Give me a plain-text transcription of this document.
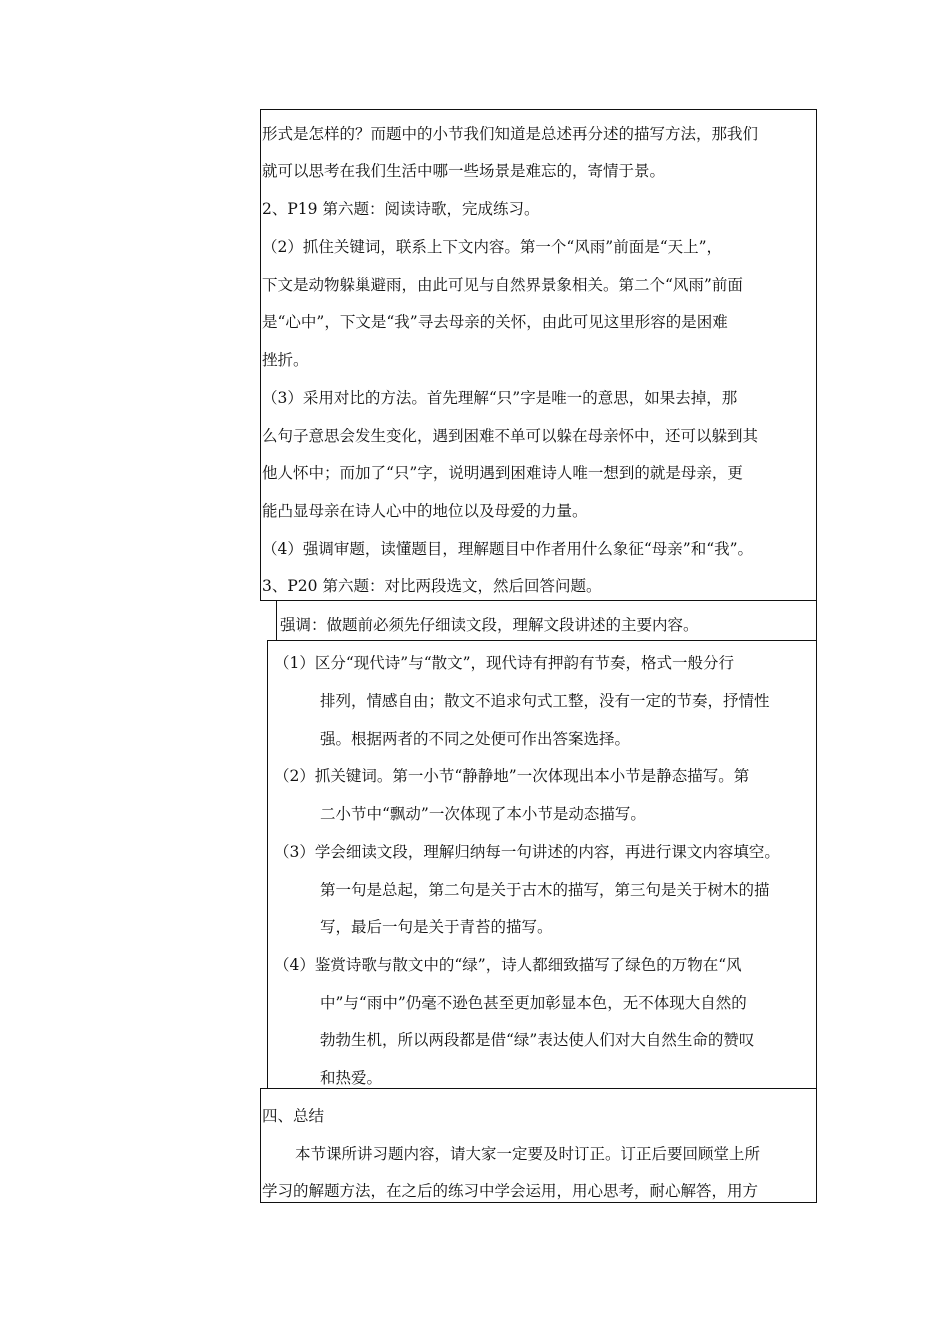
形式是怎样的？而题中的小节我们知道是总述再分述的描写方法，那我们
就可以思考在我们生活中哪一些场景是难忘的，寄情于景。
2、P19 第六题：阅读诗歌，完成练习。
（2）抓住关键词，联系上下文内容。第一个“风雨”前面是“天上”，
下文是动物躲巢避雨，由此可见与自然界景象相关。第二个“风雨”前面
是“心中”，下文是“我”寻去母亲的关怀，由此可见这里形容的是困难
挫折。
（3）采用对比的方法。首先理解“只”字是唯一的意思，如果去掉，那
么句子意思会发生变化，遇到困难不单可以躲在母亲怀中，还可以躲到其
他人怀中；而加了“只”字，说明遇到困难诗人唯一想到的就是母亲，更
能凸显母亲在诗人心中的地位以及母爱的力量。
（4）强调审题，读懂题目，理解题目中作者用什么象征“母亲”和“我”。
3、P20 第六题：对比两段选文，然后回答问题。
强调：做题前必须先仔细读文段，理解文段讲述的主要内容。
（1）区分“现代诗”与“散文”，现代诗有押韵有节奏，格式一般分行
排列，情感自由；散文不追求句式工整，没有一定的节奏，抒情性
强。根据两者的不同之处便可作出答案选择。
（2）抓关键词。第一小节“静静地”一次体现出本小节是静态描写。第
二小节中“飘动”一次体现了本小节是动态描写。
（3）学会细读文段，理解归纳每一句讲述的内容，再进行课文内容填空。
第一句是总起，第二句是关于古木的描写，第三句是关于树木的描
写，最后一句是关于青苔的描写。
（4）鉴赏诗歌与散文中的“绿”，诗人都细致描写了绿色的万物在“风
中”与“雨中”仍毫不逊色甚至更加彰显本色，无不体现大自然的
勃勃生机，所以两段都是借“绿”表达使人们对大自然生命的赞叹
和热爱。
四、总结
本节课所讲习题内容，请大家一定要及时订正。订正后要回顾堂上所
学习的解题方法，在之后的练习中学会运用，用心思考，耐心解答，用方
